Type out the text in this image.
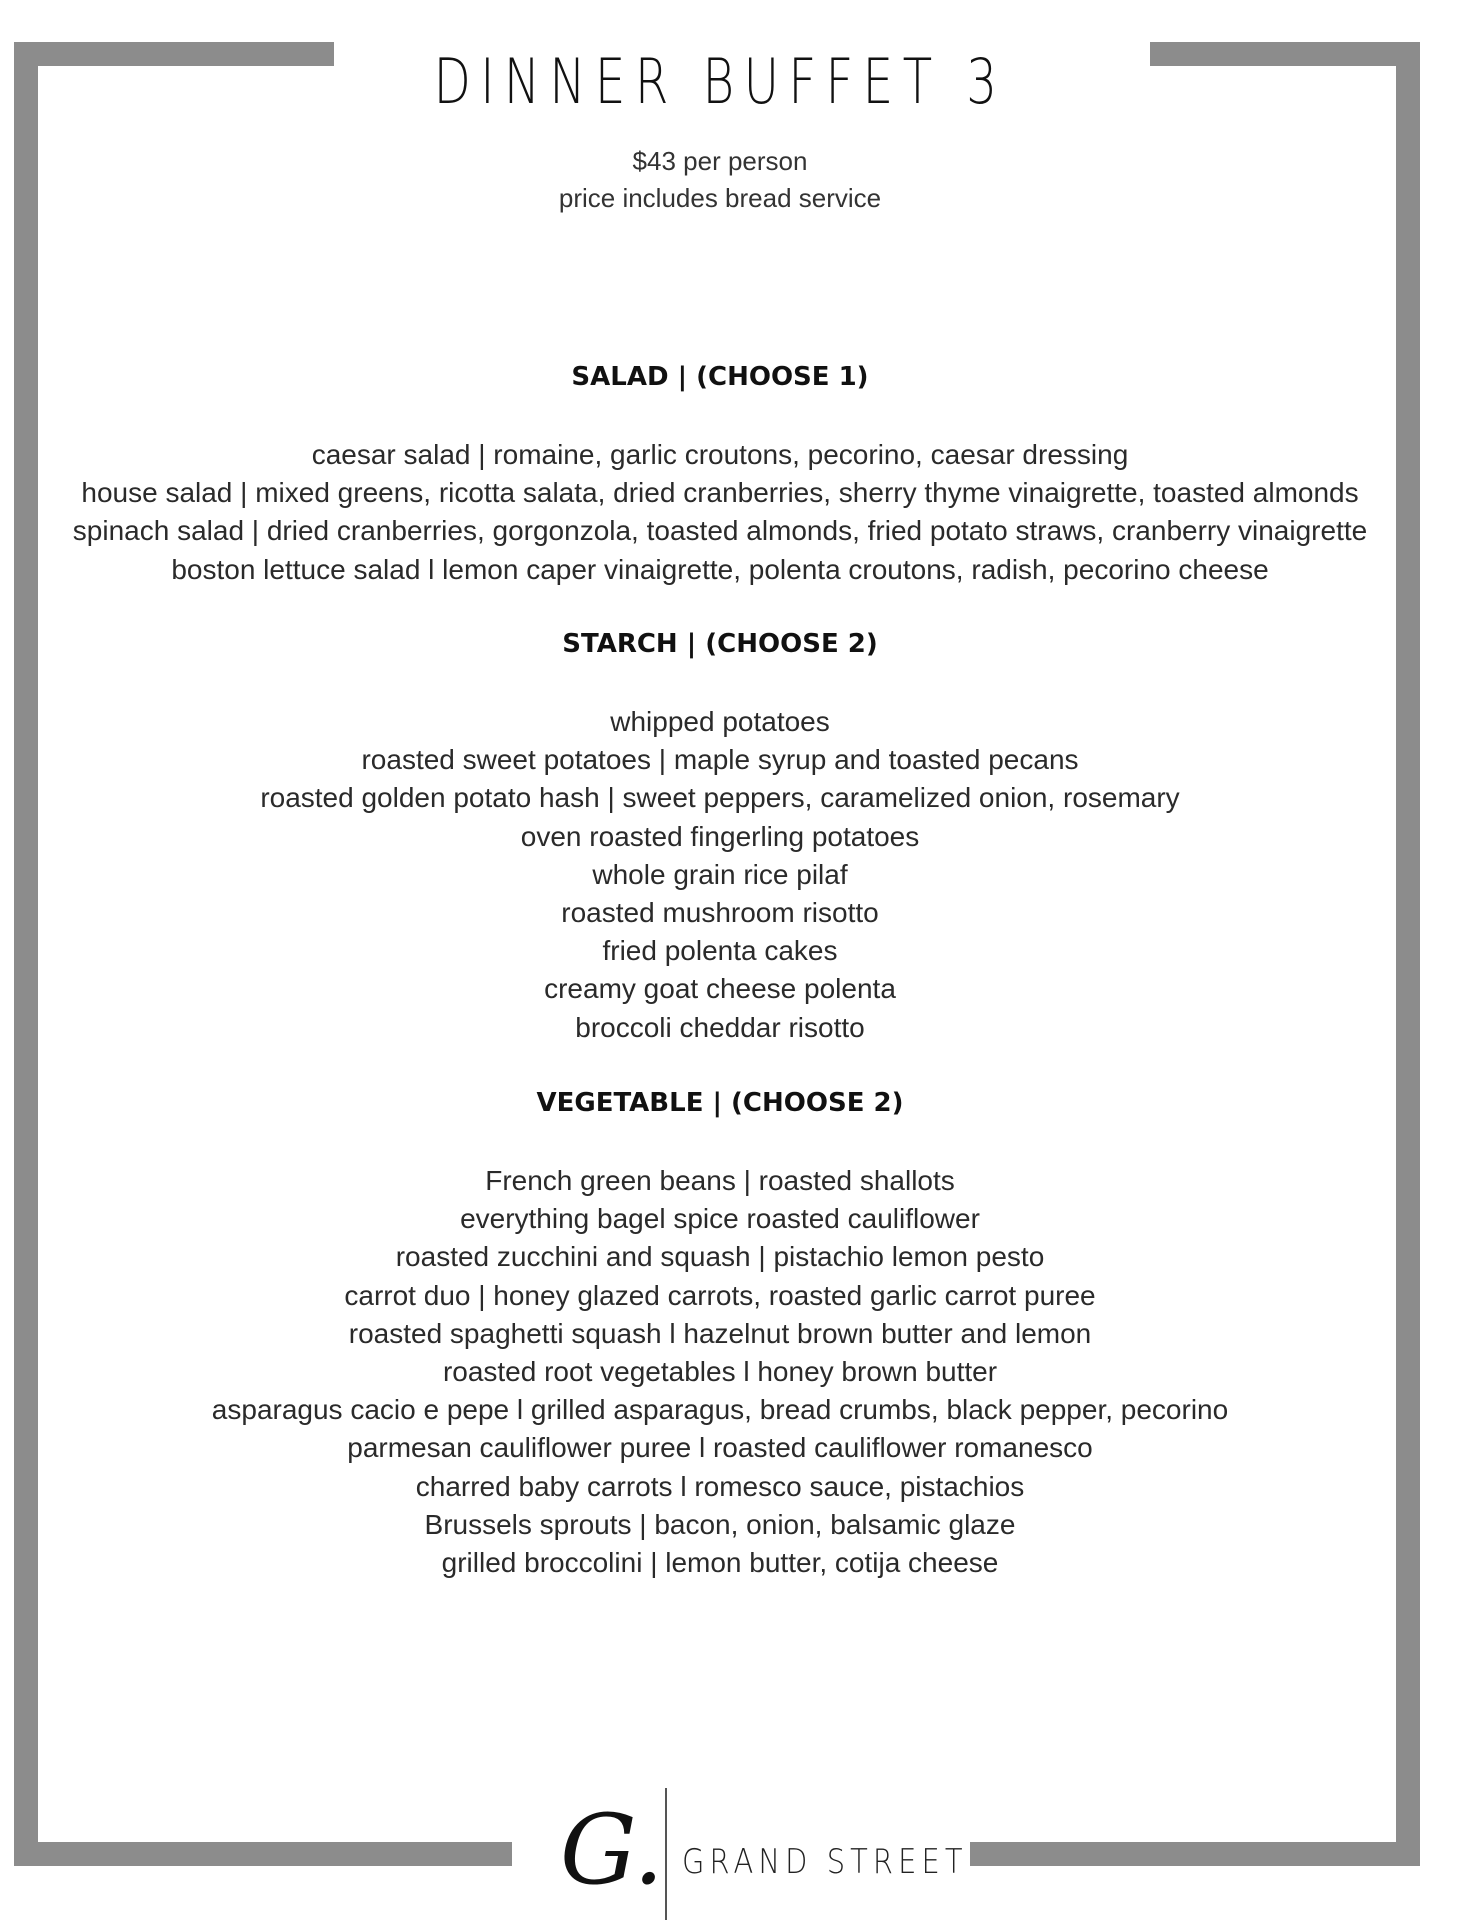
DINNER BUFFET 3
$43 per person
price includes bread service
SALAD | (CHOOSE 1)
caesar salad | romaine, garlic croutons, pecorino, caesar dressing
house salad | mixed greens, ricotta salata, dried cranberries, sherry thyme vinaigrette, toasted almonds
spinach salad | dried cranberries, gorgonzola, toasted almonds, fried potato straws, cranberry vinaigrette
boston lettuce salad l lemon caper vinaigrette, polenta croutons, radish, pecorino cheese
STARCH | (CHOOSE 2)
whipped potatoes
roasted sweet potatoes | maple syrup and toasted pecans
roasted golden potato hash | sweet peppers, caramelized onion, rosemary
oven roasted fingerling potatoes
whole grain rice pilaf
roasted mushroom risotto
fried polenta cakes
creamy goat cheese polenta
broccoli cheddar risotto
VEGETABLE | (CHOOSE 2)
French green beans | roasted shallots
everything bagel spice roasted cauliflower
roasted zucchini and squash | pistachio lemon pesto
carrot duo | honey glazed carrots, roasted garlic carrot puree
roasted spaghetti squash l hazelnut brown butter and lemon
roasted root vegetables l honey brown butter
asparagus cacio e pepe l grilled asparagus, bread crumbs, black pepper, pecorino
parmesan cauliflower puree l roasted cauliflower romanesco
charred baby carrots l romesco sauce, pistachios
Brussels sprouts | bacon, onion, balsamic glaze
grilled broccolini | lemon butter, cotija cheese
G. GRAND STREET
